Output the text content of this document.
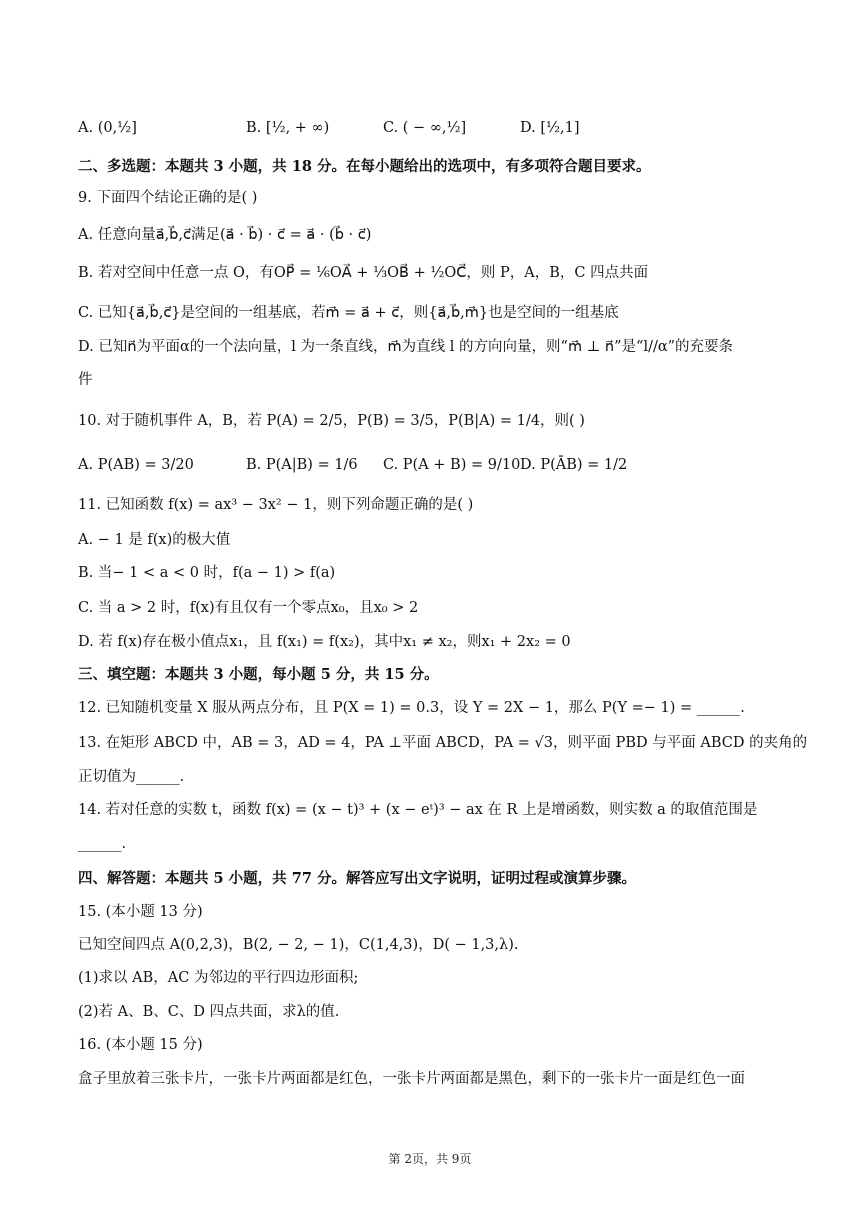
A. (0,½]	B. [½, + ∞)	C. ( − ∞,½]	D. [½,1]
二、多选题：本题共 3 小题，共 18 分。在每小题给出的选项中，有多项符合题目要求。
9. 下面四个结论正确的是( )
A. 任意向量a⃗,b⃗,c⃗满足(a⃗ · b⃗) · c⃗ = a⃗ · (b⃗ · c⃗)
B. 若对空间中任意一点 O，有OP⃗ = ⅙OA⃗ + ⅓OB⃗ + ½OC⃗，则 P，A，B，C 四点共面
C. 已知{a⃗,b⃗,c⃗}是空间的一组基底，若m⃗ = a⃗ + c⃗，则{a⃗,b⃗,m⃗}也是空间的一组基底
D. 已知n⃗为平面α的一个法向量，l 为一条直线，m⃗为直线 l 的方向向量，则“m⃗ ⊥ n⃗”是“l//α”的充要条
件
10. 对于随机事件 A，B，若 P(A) = 2/5，P(B) = 3/5，P(B|A) = 1/4，则( )
A. P(AB) = 3/20	B. P(A|B) = 1/6 C. P(A + B) = 9/10 D. P(ĀB) = 1/2
11. 已知函数 f(x) = ax³ − 3x² − 1，则下列命题正确的是( )
A. − 1 是 f(x)的极大值
B. 当− 1 < a < 0 时，f(a − 1) > f(a)
C. 当 a > 2 时，f(x)有且仅有一个零点x₀，且x₀ > 2
D. 若 f(x)存在极小值点x₁，且 f(x₁) = f(x₂)，其中x₁ ≠ x₂，则x₁ + 2x₂ = 0
三、填空题：本题共 3 小题，每小题 5 分，共 15 分。
12. 已知随机变量 X 服从两点分布，且 P(X = 1) = 0.3，设 Y = 2X − 1，那么 P(Y =− 1) = ______.
13. 在矩形 ABCD 中，AB = 3，AD = 4，PA ⊥平面 ABCD，PA = √3，则平面 PBD 与平面 ABCD 的夹角的
正切值为______.
14. 若对任意的实数 t，函数 f(x) = (x − t)³ + (x − eᵗ)³ − ax 在 R 上是增函数，则实数 a 的取值范围是
______.
四、解答题：本题共 5 小题，共 77 分。解答应写出文字说明，证明过程或演算步骤。
15. (本小题 13 分)
已知空间四点 A(0,2,3)，B(2, − 2, − 1)，C(1,4,3)，D( − 1,3,λ).
(1)求以 AB，AC 为邻边的平行四边形面积;
(2)若 A、B、C、D 四点共面，求λ的值.
16. (本小题 15 分)
盒子里放着三张卡片，一张卡片两面都是红色，一张卡片两面都是黑色，剩下的一张卡片一面是红色一面
第 2页，共 9页
